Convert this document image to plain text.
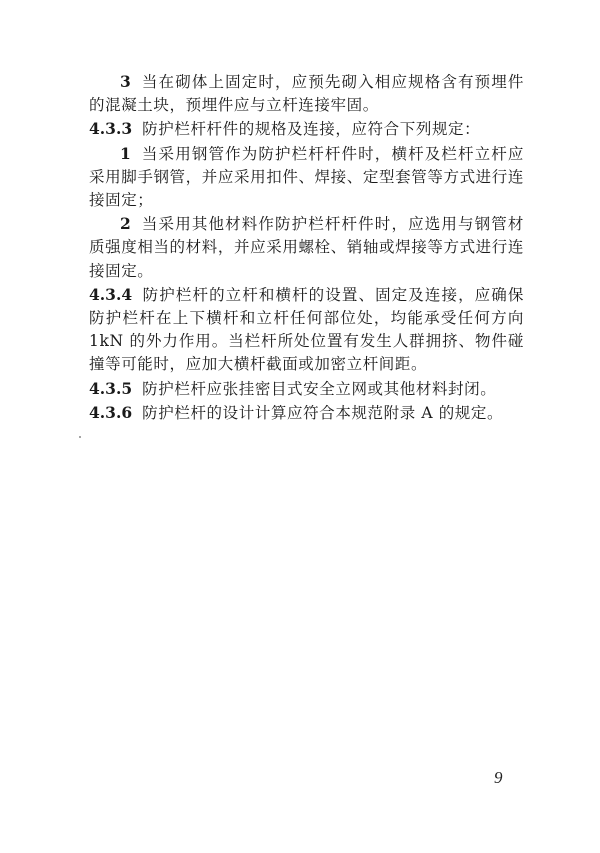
3 当在砌体上固定时，应预先砌入相应规格含有预埋件的混凝土块，预埋件应与立杆连接牢固。

4.3.3 防护栏杆杆件的规格及连接，应符合下列规定：

1 当采用钢管作为防护栏杆杆件时，横杆及栏杆立杆应采用脚手钢管，并应采用扣件、焊接、定型套管等方式进行连接固定；

2 当采用其他材料作防护栏杆杆件时，应选用与钢管材质强度相当的材料，并应采用螺栓、销轴或焊接等方式进行连接固定。

4.3.4 防护栏杆的立杆和横杆的设置、固定及连接，应确保防护栏杆在上下横杆和立杆任何部位处，均能承受任何方向 1kN 的外力作用。当栏杆所处位置有发生人群拥挤、物件碰撞等可能时，应加大横杆截面或加密立杆间距。

4.3.5 防护栏杆应张挂密目式安全立网或其他材料封闭。

4.3.6 防护栏杆的设计计算应符合本规范附录 A 的规定。

9
